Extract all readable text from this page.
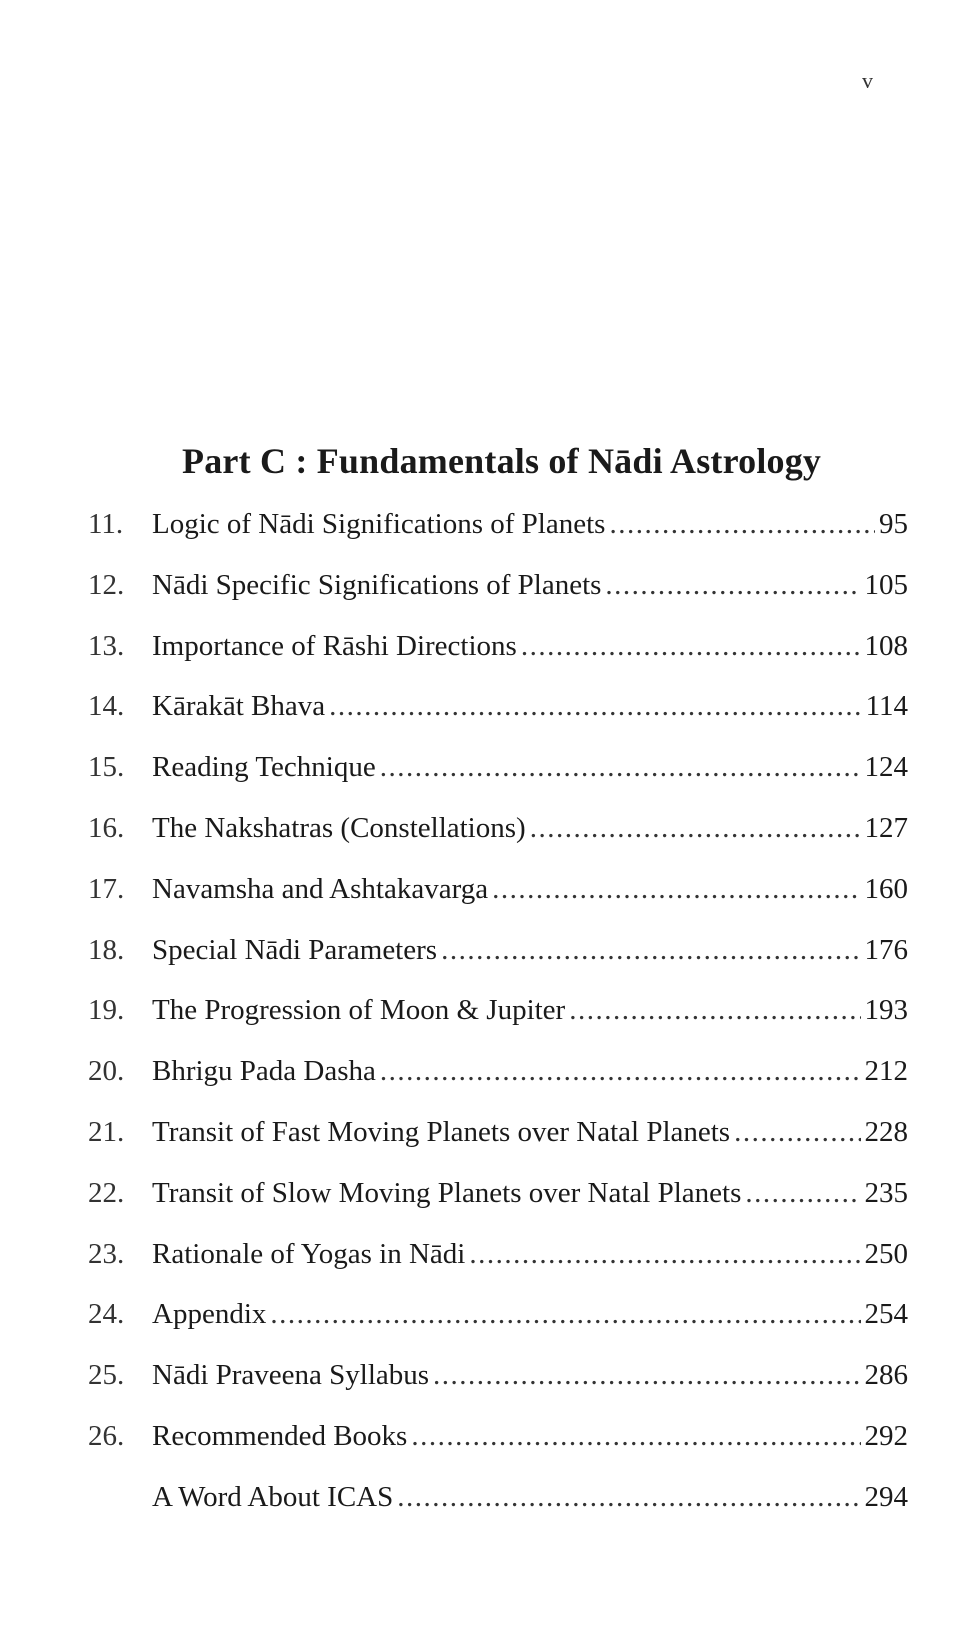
v
Part C : Fundamentals of Nādi Astrology
11. Logic of Nādi Significations of Planets .....	95
12. Nādi Specific Significations of Planets .....	105
13. Importance of Rāshi Directions .....	108
14. Kārakāt Bhava .....	114
15. Reading Technique .....	124
16. The Nakshatras (Constellations) .....	127
17. Navamsha and Ashtakavarga .....	160
18. Special Nādi Parameters .....	176
19. The Progression of Moon & Jupiter .....	193
20. Bhrigu Pada Dasha .....	212
21. Transit of Fast Moving Planets over Natal Planets .....	228
22. Transit of Slow Moving Planets over Natal Planets .....	235
23. Rationale of Yogas in Nādi .....	250
24. Appendix .....	254
25. Nādi Praveena Syllabus .....	286
26. Recommended Books .....	292
A Word About ICAS .....	294
